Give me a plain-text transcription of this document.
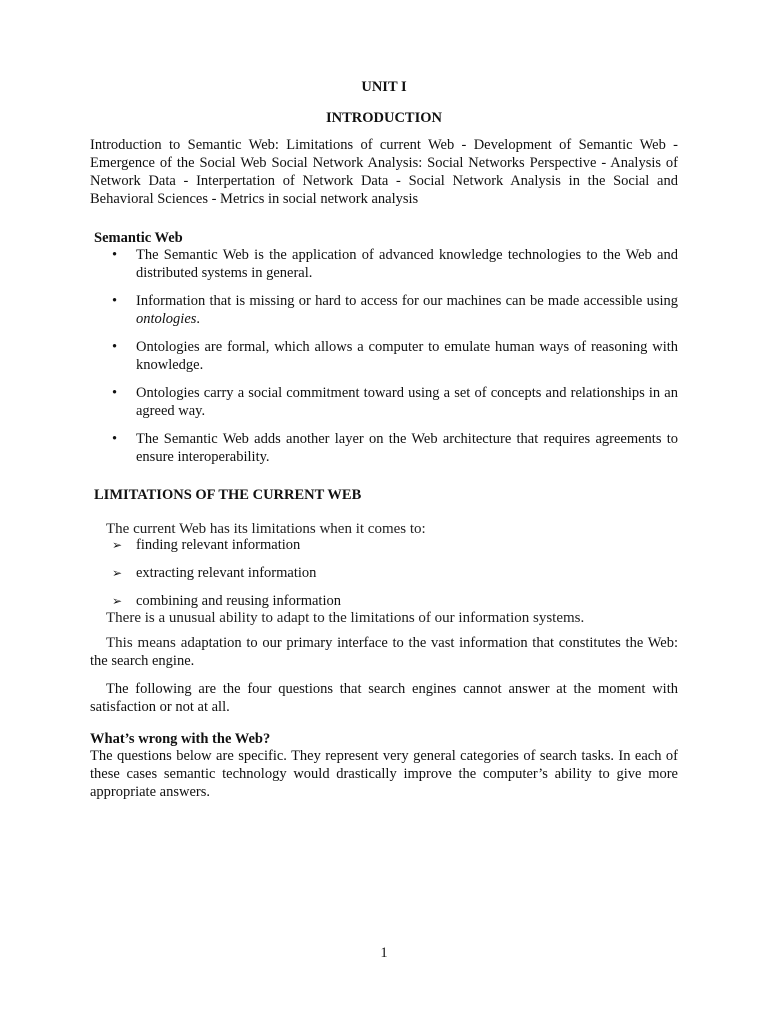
UNIT I
INTRODUCTION
Introduction to Semantic Web: Limitations of current Web - Development of Semantic Web - Emergence of the Social Web Social Network Analysis: Social Networks Perspective - Analysis of Network Data - Interpertation of Network Data - Social Network Analysis in the Social and Behavioral Sciences - Metrics in social network analysis
Semantic Web
• The Semantic Web is the application of advanced knowledge technologies to the Web and distributed systems in general.
• Information that is missing or hard to access for our machines can be made accessible using ontologies.
• Ontologies are formal, which allows a computer to emulate human ways of reasoning with knowledge.
• Ontologies carry a social commitment toward using a set of concepts and relationships in an agreed way.
• The Semantic Web adds another layer on the Web architecture that requires agreements to ensure interoperability.
LIMITATIONS OF THE CURRENT WEB
The current Web has its limitations when it comes to:
➢ finding relevant information
➢ extracting relevant information
➢ combining and reusing information
There is a unusual ability to adapt to the limitations of our information systems.
This means adaptation to our primary interface to the vast information that constitutes the Web: the search engine.
The following are the four questions that search engines cannot answer at the moment with satisfaction or not at all.
What’s wrong with the Web?
The questions below are specific. They represent very general categories of search tasks. In each of these cases semantic technology would drastically improve the computer’s ability to give more appropriate answers.
1
